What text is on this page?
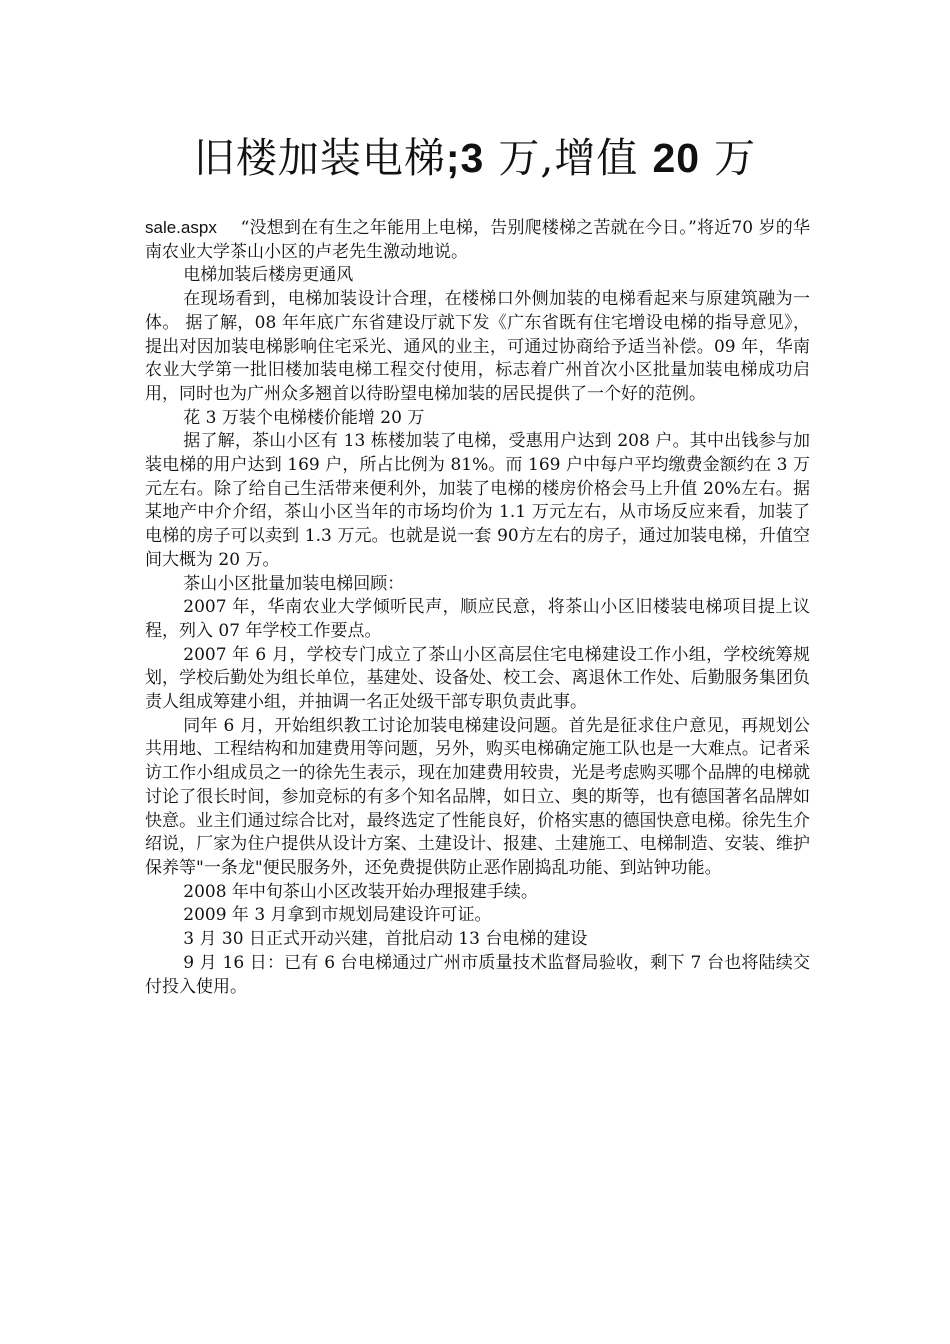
旧楼加装电梯;3 万,增值 20 万

sale.aspx “没想到在有生之年能用上电梯，告别爬楼梯之苦就在今日。”将近70 岁的华南农业大学茶山小区的卢老先生激动地说。

电梯加装后楼房更通风

在现场看到，电梯加装设计合理，在楼梯口外侧加装的电梯看起来与原建筑融为一体。 据了解，08 年年底广东省建设厅就下发《广东省既有住宅增设电梯的指导意见》，提出对因加装电梯影响住宅采光、通风的业主，可通过协商给予适当补偿。09 年，华南农业大学第一批旧楼加装电梯工程交付使用，标志着广州首次小区批量加装电梯成功启用，同时也为广州众多翘首以待盼望电梯加装的居民提供了一个好的范例。

花 3 万装个电梯楼价能增 20 万

据了解，茶山小区有 13 栋楼加装了电梯，受惠用户达到 208 户。其中出钱参与加装电梯的用户达到 169 户，所占比例为 81%。而 169 户中每户平均缴费金额约在 3 万元左右。除了给自己生活带来便利外，加装了电梯的楼房价格会马上升值 20%左右。据某地产中介介绍，茶山小区当年的市场均价为 1.1 万元左右，从市场反应来看，加装了电梯的房子可以卖到 1.3 万元。也就是说一套 90方左右的房子，通过加装电梯，升值空间大概为 20 万。

茶山小区批量加装电梯回顾：

2007 年，华南农业大学倾听民声，顺应民意，将茶山小区旧楼装电梯项目提上议程，列入 07 年学校工作要点。

2007 年 6 月，学校专门成立了茶山小区高层住宅电梯建设工作小组，学校统筹规划，学校后勤处为组长单位，基建处、设备处、校工会、离退休工作处、后勤服务集团负责人组成筹建小组，并抽调一名正处级干部专职负责此事。

同年 6 月，开始组织教工讨论加装电梯建设问题。首先是征求住户意见，再规划公共用地、工程结构和加建费用等问题，另外，购买电梯确定施工队也是一大难点。记者采访工作小组成员之一的徐先生表示，现在加建费用较贵，光是考虑购买哪个品牌的电梯就讨论了很长时间，参加竞标的有多个知名品牌，如日立、奥的斯等，也有德国著名品牌如快意。业主们通过综合比对，最终选定了性能良好，价格实惠的德国快意电梯。徐先生介绍说，厂家为住户提供从设计方案、土建设计、报建、土建施工、电梯制造、安装、维护保养等"一条龙"便民服务外，还免费提供防止恶作剧捣乱功能、到站钟功能。

2008 年中旬茶山小区改装开始办理报建手续。

2009 年 3 月拿到市规划局建设许可证。

3 月 30 日正式开动兴建，首批启动 13 台电梯的建设

9 月 16 日：已有 6 台电梯通过广州市质量技术监督局验收，剩下 7 台也将陆续交付投入使用。
